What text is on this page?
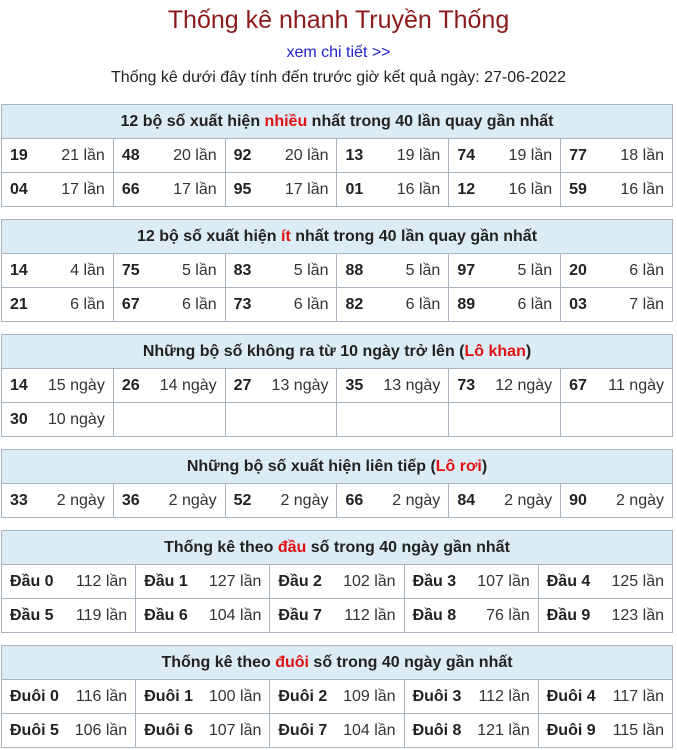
Thống kê nhanh Truyền Thống
xem chi tiết >>
Thống kê dưới đây tính đến trước giờ kết quả ngày: 27-06-2022
12 bộ số xuất hiện nhiều nhất trong 40 lần quay gần nhất					

19 21 lần	48 20 lần	92 20 lần	13 19 lần	74 19 lần	77 18 lần

04 17 lần	66 17 lần	95 17 lần	01 16 lần	12 16 lần	59 16 lần
12 bộ số xuất hiện ít nhất trong 40 lần quay gần nhất					

14 4 lần	75 5 lần	83 5 lần	88 5 lần	97 5 lần	20 6 lần

21 6 lần	67 6 lần	73 6 lần	82 6 lần	89 6 lần	03 7 lần
Những bộ số không ra từ 10 ngày trở lên (Lô khan)					

14 15 ngày	26 14 ngày	27 13 ngày	35 13 ngày	73 12 ngày	67 11 ngày

30 10 ngày					

Những bộ số xuất hiện liên tiếp (Lô rơi)

33 2 ngày	36 2 ngày	52 2 ngày	66 2 ngày	84 2 ngày	90 2 ngày
Thống kê theo đầu số trong 40 ngày gần nhất				

Đầu 0 112 lần	Đầu 1 127 lần	Đầu 2 102 lần	Đầu 3 107 lần	Đầu 4 125 lần

Đầu 5 119 lần	Đầu 6 104 lần	Đầu 7 112 lần	Đầu 8 76 lần	Đầu 9 123 lần
Thống kê theo đuôi số trong 40 ngày gần nhất				

Đuôi 0 116 lần	Đuôi 1 100 lần	Đuôi 2 109 lần	Đuôi 3 112 lần	Đuôi 4 117 lần

Đuôi 5 106 lần	Đuôi 6 107 lần	Đuôi 7 104 lần	Đuôi 8 121 lần	Đuôi 9 115 lần
